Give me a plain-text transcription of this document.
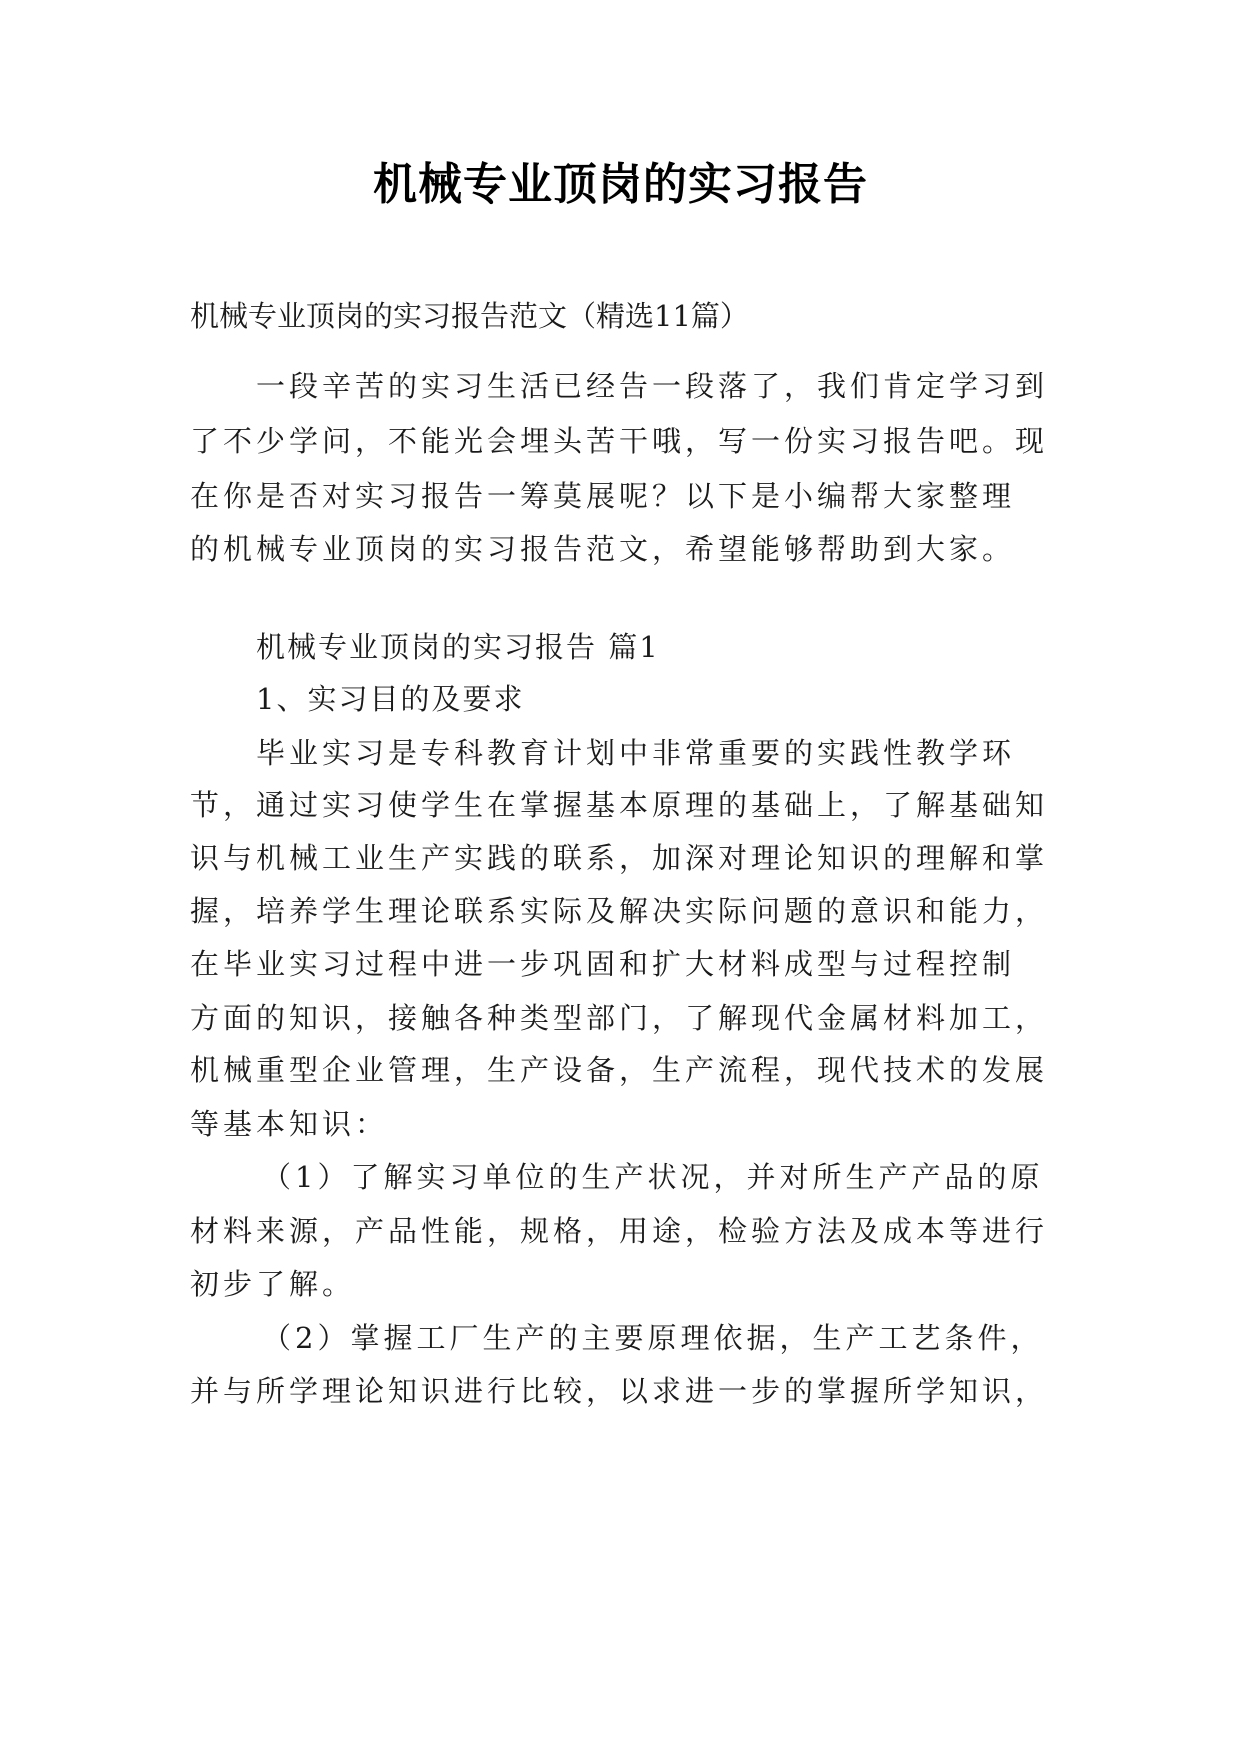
机械专业顶岗的实习报告
机械专业顶岗的实习报告范文（精选11篇）
一段辛苦的实习生活已经告一段落了，我们肯定学习到
了不少学问，不能光会埋头苦干哦，写一份实习报告吧。现
在你是否对实习报告一筹莫展呢？以下是小编帮大家整理
的机械专业顶岗的实习报告范文，希望能够帮助到大家。
机械专业顶岗的实习报告 篇1
1、实习目的及要求
毕业实习是专科教育计划中非常重要的实践性教学环
节，通过实习使学生在掌握基本原理的基础上，了解基础知
识与机械工业生产实践的联系，加深对理论知识的理解和掌
握，培养学生理论联系实际及解决实际问题的意识和能力，
在毕业实习过程中进一步巩固和扩大材料成型与过程控制
方面的知识，接触各种类型部门，了解现代金属材料加工，
机械重型企业管理，生产设备，生产流程，现代技术的发展
等基本知识：
（1）了解实习单位的生产状况，并对所生产产品的原
材料来源，产品性能，规格，用途，检验方法及成本等进行
初步了解。
（2）掌握工厂生产的主要原理依据，生产工艺条件，
并与所学理论知识进行比较，以求进一步的掌握所学知识，
